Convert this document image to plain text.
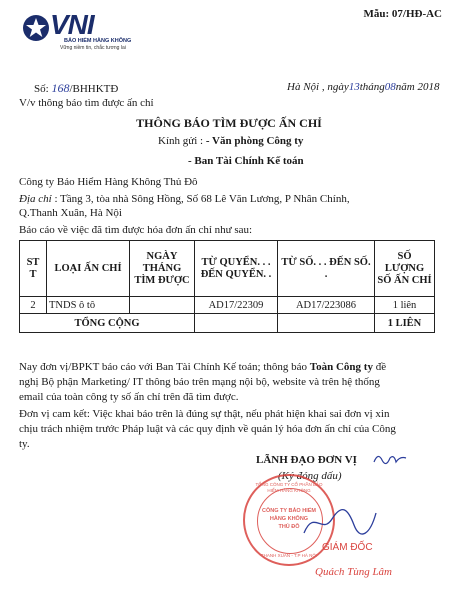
VNI
BẢO HIỂM HÀNG KHÔNG
Vững niềm tin, chắc tương lai
Mẫu: 07/HĐ-AC
Số: 168/BHHKTĐ	Hà Nội , ngày13tháng08năm 2018
V/v thông báo tìm được ấn chỉ
THÔNG BÁO TÌM ĐƯỢC ẤN CHỈ
Kính gửi : - Văn phòng Công ty
- Ban Tài Chính Kế toán
Công ty Bảo Hiểm Hàng Không Thủ Đô
Địa chỉ : Tầng 3, tòa nhà Sông Hồng, Số 68 Lê Văn Lương, P Nhân Chính,
Q.Thanh Xuân, Hà Nội
Báo cáo về việc đã tìm được hóa đơn ấn chỉ như sau:
ST T	LOẠI ẤN CHỈ	NGÀY THÁNG TÌM ĐƯỢC	TỪ QUYỂN. . . ĐẾN QUYỂN. .	TỪ SỐ. . . ĐẾN SỐ. .	SỐ LƯỢNG SỐ ẤN CHỈ
2	TNDS ô tô		AD17/22309	AD17/223086	1 liên
TỔNG CỘNG					1 LIÊN
Nay đơn vị/BPKT báo cáo với Ban Tài Chính Kế toán; thông báo Toàn Công ty đề
nghị Bộ phận Marketing/ IT thông báo trên mạng nội bộ, website và trên hệ thống
email của toàn công ty số ấn chỉ trên đã tìm được.
Đơn vị cam kết: Việc khai báo trên là đúng sự thật, nếu phát hiện khai sai đơn vị xin
chịu trách nhiệm trước Pháp luật và các quy định về quản lý hóa đơn ấn chỉ của Công
ty.
LÃNH ĐẠO ĐƠN VỊ
(Ký đóng dấu)
TỔNG CÔNG TY CỔ PHẦN BẢO HIỂM HÀNG KHÔNG
CÔNG TY BẢO HIỂM
HÀNG KHÔNG
THỦ ĐÔ
THANH XUÂN - T.P HÀ NỘI
GIÁM ĐỐC
Quách Tùng Lâm
